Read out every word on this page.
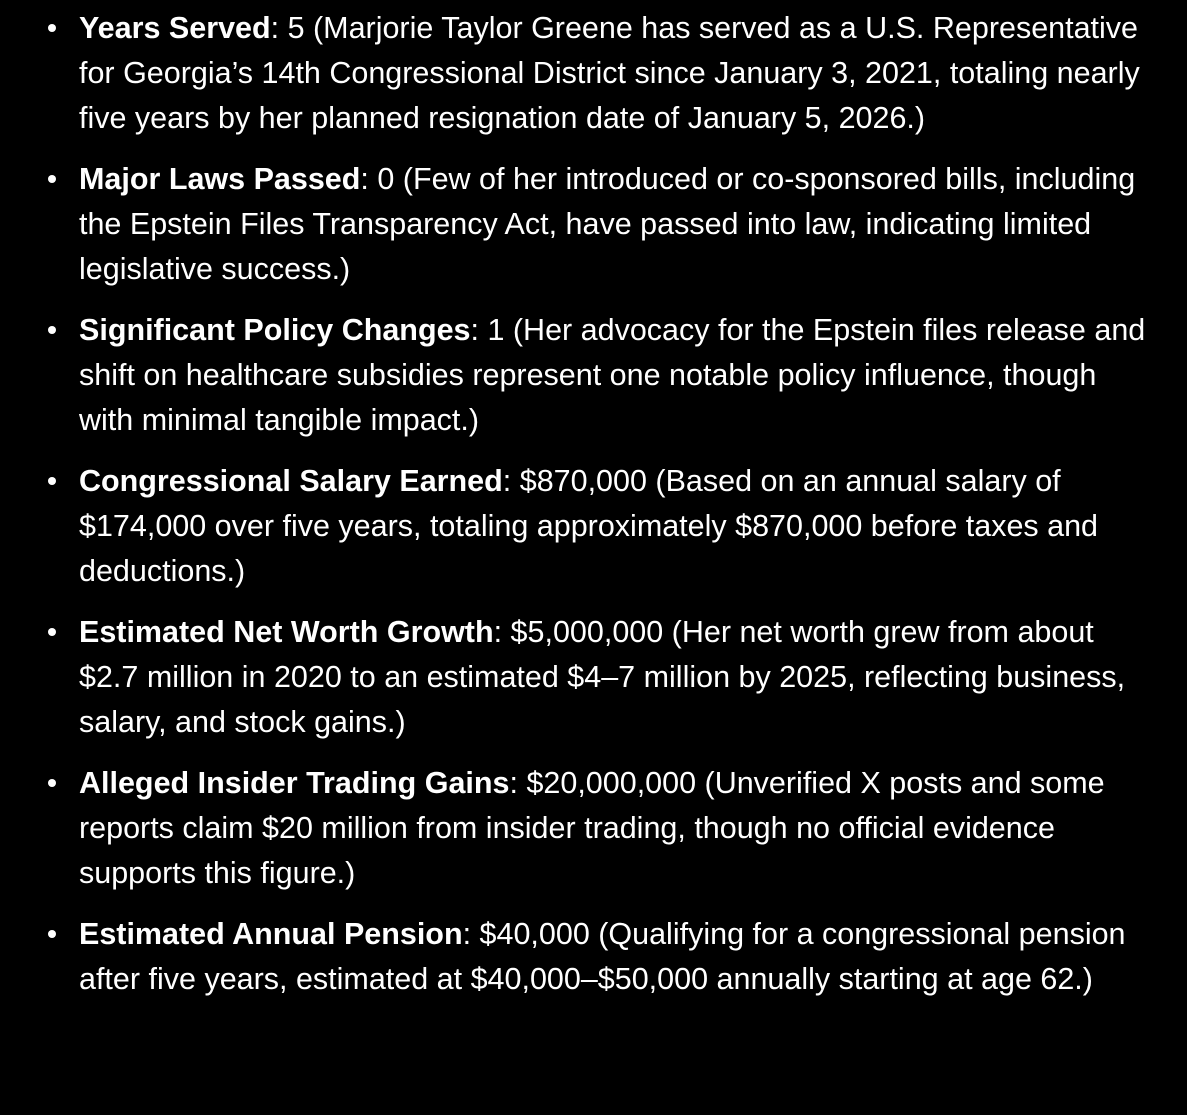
Years Served: 5 (Marjorie Taylor Greene has served as a U.S. Representative for Georgia’s 14th Congressional District since January 3, 2021, totaling nearly five years by her planned resignation date of January 5, 2026.)
Major Laws Passed: 0 (Few of her introduced or co-sponsored bills, including the Epstein Files Transparency Act, have passed into law, indicating limited legislative success.)
Significant Policy Changes: 1 (Her advocacy for the Epstein files release and shift on healthcare subsidies represent one notable policy influence, though with minimal tangible impact.)
Congressional Salary Earned: $870,000 (Based on an annual salary of $174,000 over five years, totaling approximately $870,000 before taxes and deductions.)
Estimated Net Worth Growth: $5,000,000 (Her net worth grew from about $2.7 million in 2020 to an estimated $4–7 million by 2025, reflecting business, salary, and stock gains.)
Alleged Insider Trading Gains: $20,000,000 (Unverified X posts and some reports claim $20 million from insider trading, though no official evidence supports this figure.)
Estimated Annual Pension: $40,000 (Qualifying for a congressional pension after five years, estimated at $40,000–$50,000 annually starting at age 62.)
